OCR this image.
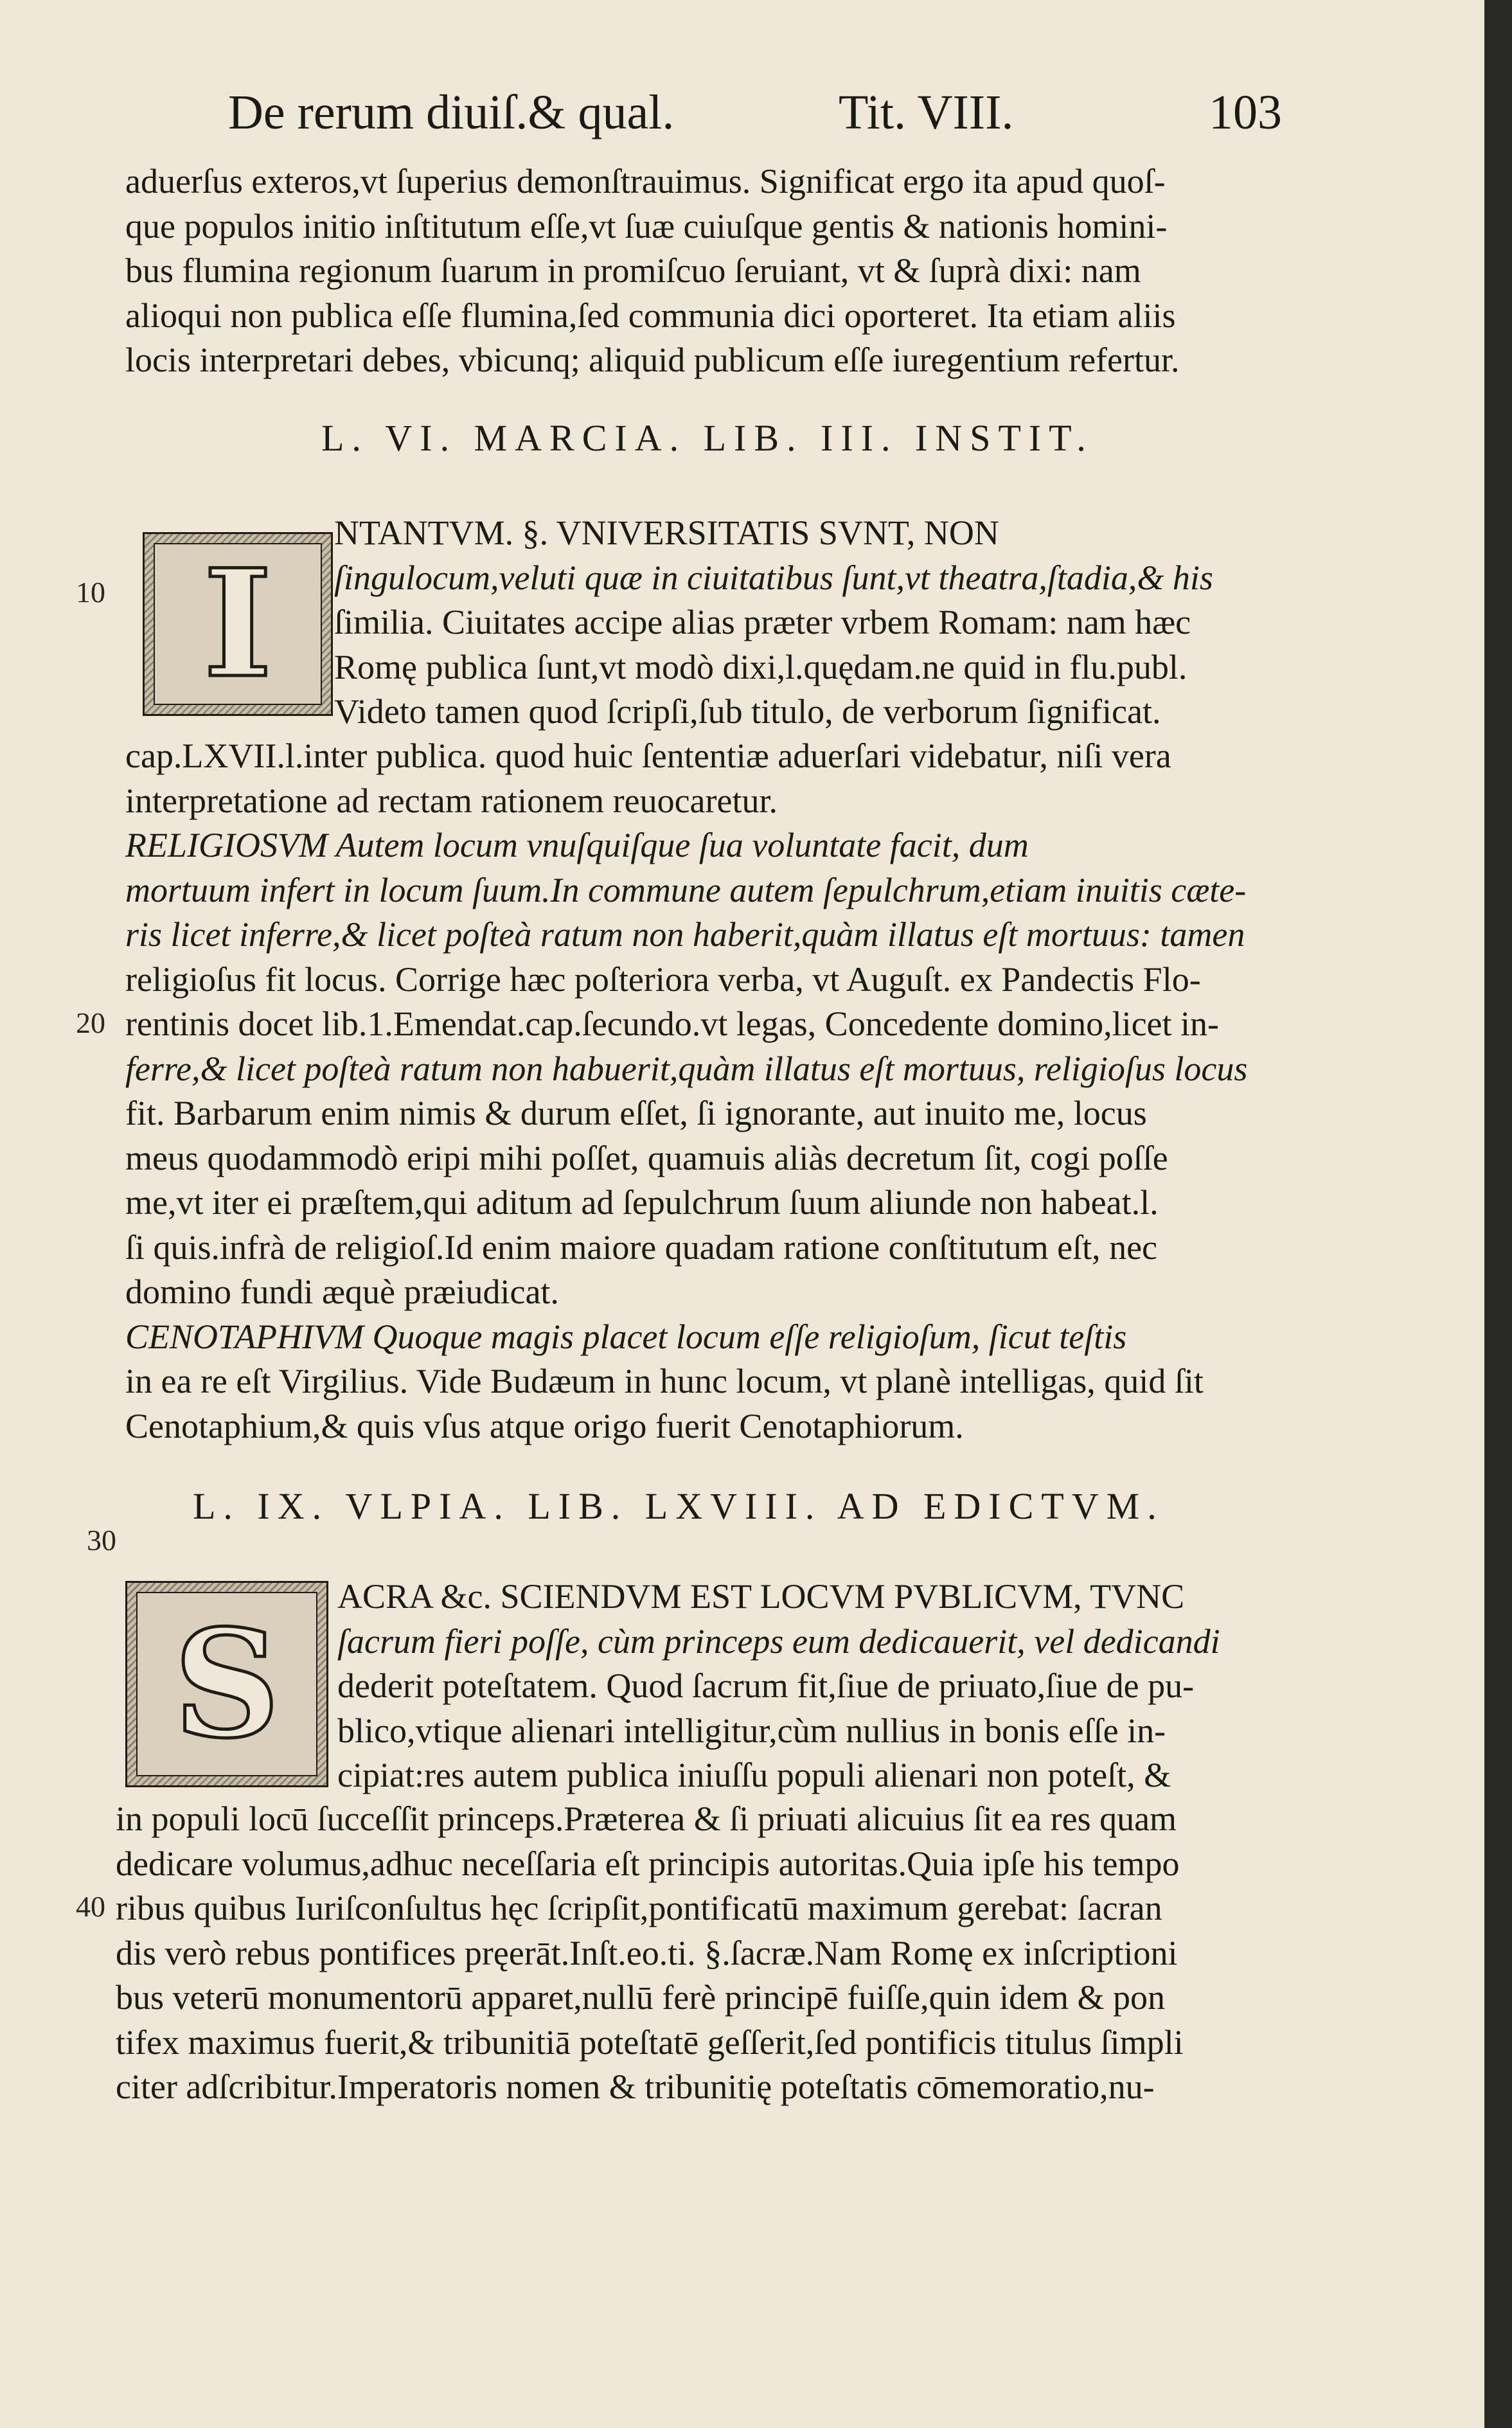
De rerum diuiſ.& qual.	Tit. VIII.	103
aduerſus exteros,vt ſuperius demonſtrauimus. Significat ergo ita apud quoſ-
que populos initio inſtitutum eſſe,vt ſuæ cuiuſque gentis & nationis homini-
bus flumina regionum ſuarum in promiſcuo ſeruiant, vt & ſuprà dixi: nam
alioqui non publica eſſe flumina,ſed communia dici oporteret. Ita etiam aliis
locis interpretari debes, vbicunq; aliquid publicum eſſe iuregentium refertur.
L. VI. MARCIA. LIB. III. INSTIT.
I
10
NTANTVM. §. VNIVERSITATIS SVNT, NON
ſingulocum,veluti quæ in ciuitatibus ſunt,vt theatra,ſtadia,& his
ſimilia. Ciuitates accipe alias præter vrbem Romam: nam hæc
Romę publica ſunt,vt modò dixi,l.quędam.ne quid in flu.publ.
Videto tamen quod ſcripſi,ſub titulo, de verborum ſignificat.
cap.LXVII.l.inter publica. quod huic ſententiæ aduerſari videbatur, niſi vera
interpretatione ad rectam rationem reuocaretur.
RELIGIOSVM Autem locum vnuſquiſque ſua voluntate facit, dum
mortuum infert in locum ſuum.In commune autem ſepulchrum,etiam inuitis cæte-
ris licet inferre,& licet poſteà ratum non haberit,quàm illatus eſt mortuus: tamen
religioſus fit locus. Corrige hæc poſteriora verba, vt Auguſt. ex Pandectis Flo-
rentinis docet lib.1.Emendat.cap.ſecundo.vt legas, Concedente domino,licet in-
ferre,& licet poſteà ratum non habuerit,quàm illatus eſt mortuus, religioſus locus
fit. Barbarum enim nimis & durum eſſet, ſi ignorante, aut inuito me, locus
meus quodammodò eripi mihi poſſet, quamuis aliàs decretum ſit, cogi poſſe
me,vt iter ei præſtem,qui aditum ad ſepulchrum ſuum aliunde non habeat.l.
ſi quis.infrà de religioſ.Id enim maiore quadam ratione conſtitutum eſt, nec
domino fundi æquè præiudicat.
CENOTAPHIVM Quoque magis placet locum eſſe religioſum, ſicut teſtis
in ea re eſt Virgilius. Vide Budæum in hunc locum, vt planè intelligas, quid ſit
Cenotaphium,& quis vſus atque origo fuerit Cenotaphiorum.
20
L. IX. VLPIA. LIB. LXVIII. AD EDICTVM.
30
S
ACRA &c. SCIENDVM EST LOCVM PVBLICVM, TVNC
ſacrum fieri poſſe, cùm princeps eum dedicauerit, vel dedicandi
dederit poteſtatem. Quod ſacrum fit,ſiue de priuato,ſiue de pu-
blico,vtique alienari intelligitur,cùm nullius in bonis eſſe in-
cipiat:res autem publica iniuſſu populi alienari non poteſt, &
in populi locū ſucceſſit princeps.Præterea & ſi priuati alicuius ſit ea res quam
dedicare volumus,adhuc neceſſaria eſt principis autoritas.Quia ipſe his tempo
ribus quibus Iuriſconſultus hęc ſcripſit,pontificatū maximum gerebat: ſacran
dis verò rebus pontifices pręerāt.Inſt.eo.ti. §.ſacræ.Nam Romę ex inſcriptioni
bus veterū monumentorū apparet,nullū ferè principē fuiſſe,quin idem & pon
tifex maximus fuerit,& tribunitiā poteſtatē geſſerit,ſed pontificis titulus ſimpli
citer adſcribitur.Imperatoris nomen & tribunitię poteſtatis cōmemoratio,nu-
40
